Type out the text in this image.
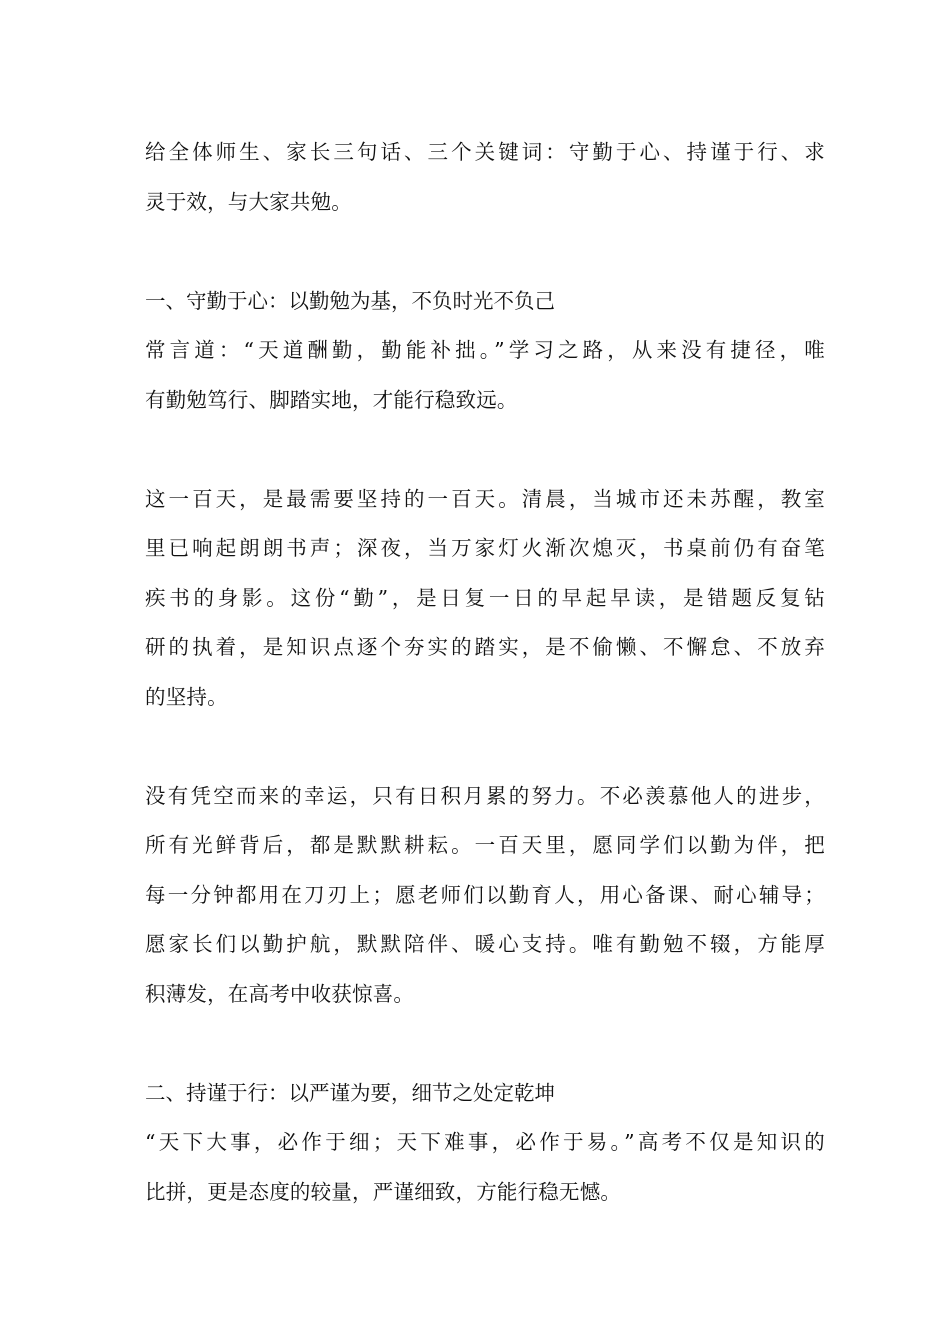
给全体师生、家长三句话、三个关键词：守勤于心、持谨于行、求
灵于效，与大家共勉。
一、守勤于心：以勤勉为基，不负时光不负己
常言道：“天道酬勤，勤能补拙。”学习之路，从来没有捷径，唯
有勤勉笃行、脚踏实地，才能行稳致远。
这一百天，是最需要坚持的一百天。清晨，当城市还未苏醒，教室
里已响起朗朗书声；深夜，当万家灯火渐次熄灭，书桌前仍有奋笔
疾书的身影。这份“勤”，是日复一日的早起早读，是错题反复钻
研的执着，是知识点逐个夯实的踏实，是不偷懒、不懈怠、不放弃
的坚持。
没有凭空而来的幸运，只有日积月累的努力。不必羡慕他人的进步，
所有光鲜背后，都是默默耕耘。一百天里，愿同学们以勤为伴，把
每一分钟都用在刀刃上；愿老师们以勤育人，用心备课、耐心辅导；
愿家长们以勤护航，默默陪伴、暖心支持。唯有勤勉不辍，方能厚
积薄发，在高考中收获惊喜。
二、持谨于行：以严谨为要，细节之处定乾坤
“天下大事，必作于细；天下难事，必作于易。”高考不仅是知识的
比拼，更是态度的较量，严谨细致，方能行稳无憾。
